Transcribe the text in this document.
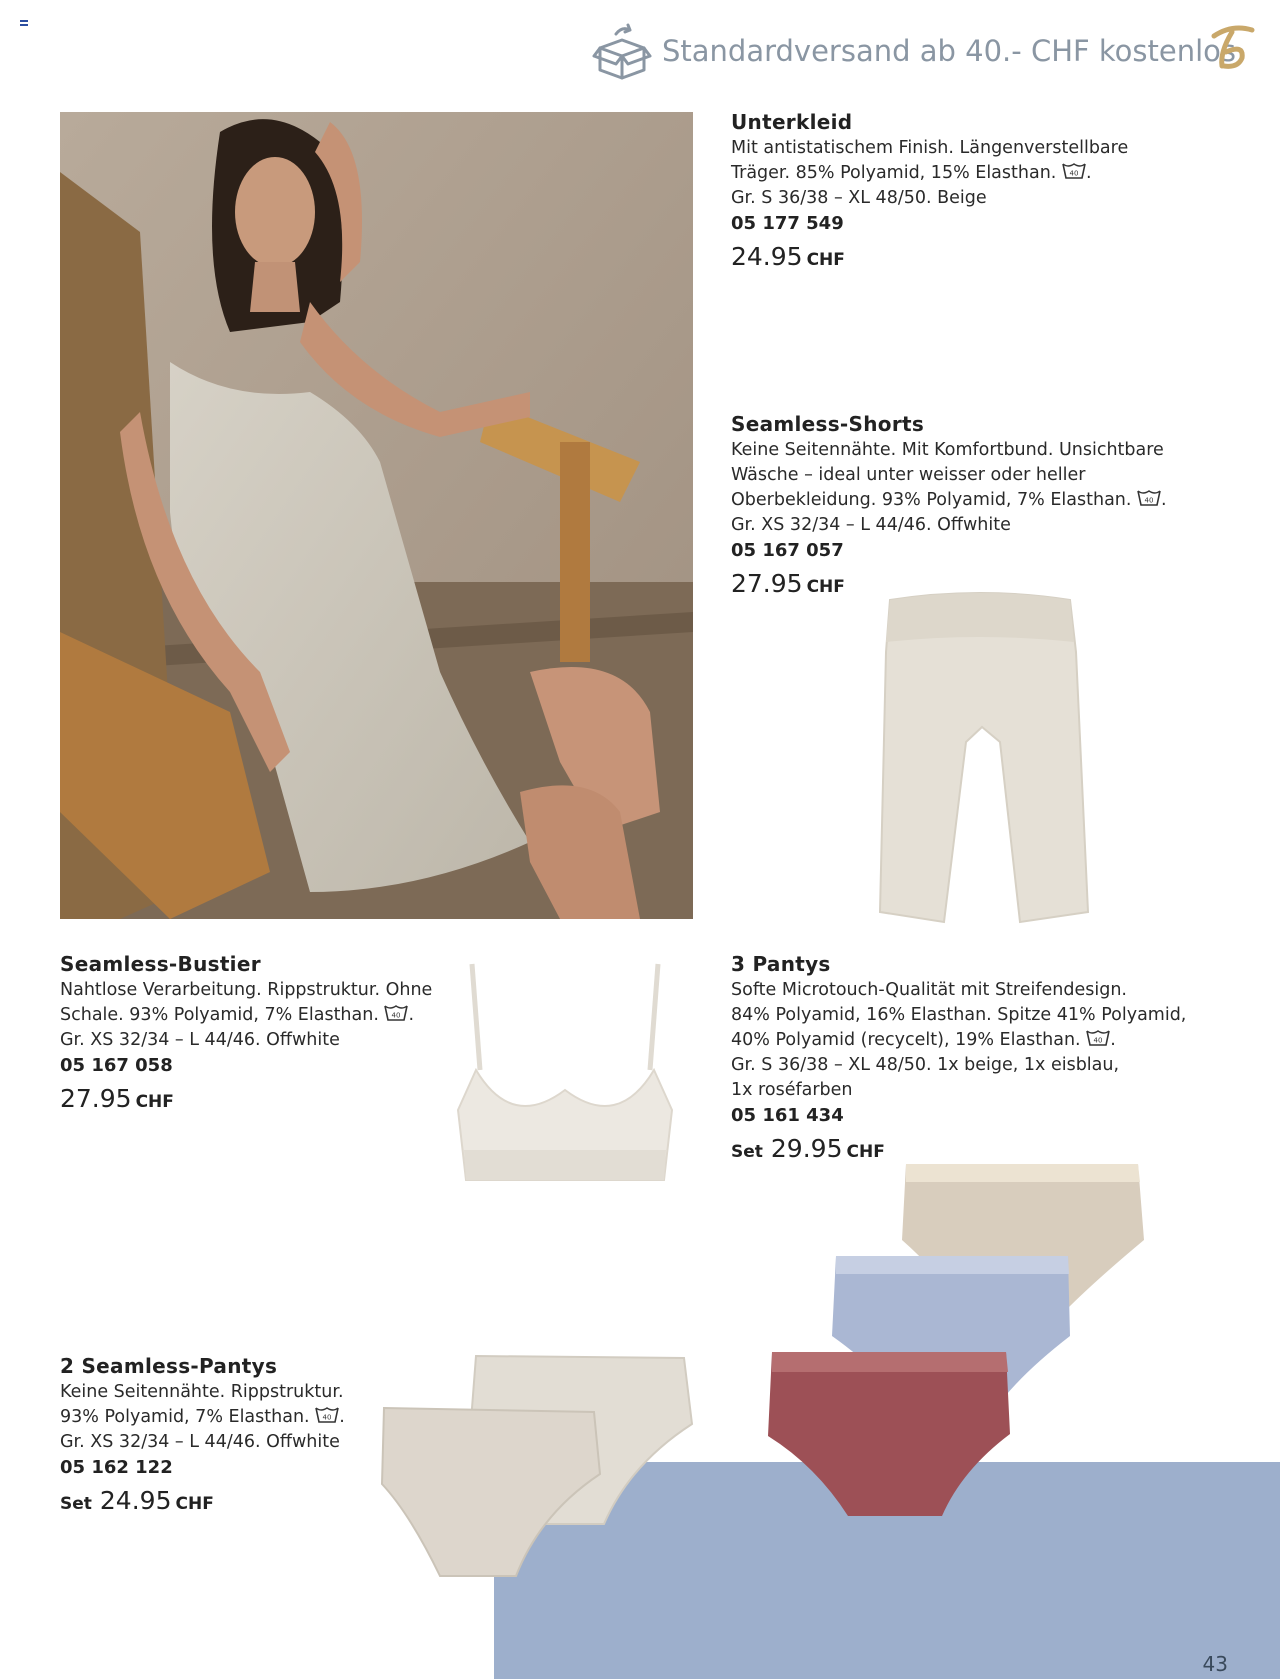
Standardversand ab 40.- CHF kostenlos
Unterkleid
Mit antistatischem Finish. Längenverstellbare
Träger. 85% Polyamid, 15% Elasthan. 40 .
Gr. S 36/38 – XL 48/50. Beige
05 177 549
24.95 CHF
Seamless-Shorts
Keine Seitennähte. Mit Komfortbund. Unsichtbare
Wäsche – ideal unter weisser oder heller
Oberbekleidung. 93% Polyamid, 7% Elasthan. 40 .
Gr. XS 32/34 – L 44/46. Offwhite
05 167 057
27.95 CHF
Seamless-Bustier
Nahtlose Verarbeitung. Rippstruktur. Ohne
Schale. 93% Polyamid, 7% Elasthan. 40 .
Gr. XS 32/34 – L 44/46. Offwhite
05 167 058
27.95 CHF
3 Pantys
Softe Microtouch-Qualität mit Streifendesign.
84% Polyamid, 16% Elasthan. Spitze 41% Polyamid,
40% Polyamid (recycelt), 19% Elasthan. 40 .
Gr. S 36/38 – XL 48/50. 1x beige, 1x eisblau,
1x roséfarben
05 161 434
Set 29.95 CHF
2 Seamless-Pantys
Keine Seitennähte. Rippstruktur.
93% Polyamid, 7% Elasthan. 40 .
Gr. XS 32/34 – L 44/46. Offwhite
05 162 122
Set 24.95 CHF
43
